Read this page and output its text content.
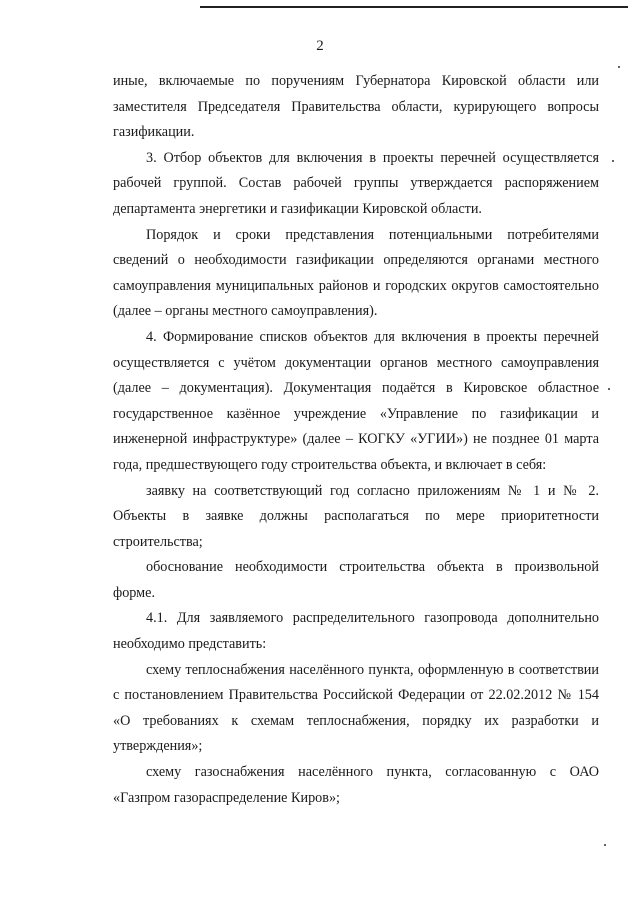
2

иные, включаемые по поручениям Губернатора Кировской области или заместителя Председателя Правительства области, курирующего вопросы газификации.

3. Отбор объектов для включения в проекты перечней осуществляется рабочей группой. Состав рабочей группы утверждается распоряжением департамента энергетики и газификации Кировской области.

Порядок и сроки представления потенциальными потребителями сведений о необходимости газификации определяются органами местного самоуправления муниципальных районов и городских округов самостоятельно (далее – органы местного самоуправления).

4. Формирование списков объектов для включения в проекты перечней осуществляется с учётом документации органов местного самоуправления (далее – документация). Документация подаётся в Кировское областное государственное казённое учреждение «Управление по газификации и инженерной инфраструктуре» (далее – КОГКУ «УГИИ») не позднее 01 марта года, предшествующего году строительства объекта, и включает в себя:

заявку на соответствующий год согласно приложениям № 1 и № 2. Объекты в заявке должны располагаться по мере приоритетности строительства;

обоснование необходимости строительства объекта в произвольной форме.

4.1. Для заявляемого распределительного газопровода дополнительно необходимо представить:

схему теплоснабжения населённого пункта, оформленную в соответствии с постановлением Правительства Российской Федерации от 22.02.2012 № 154 «О требованиях к схемам теплоснабжения, порядку их разработки и утверждения»;

схему газоснабжения населённого пункта, согласованную с ОАО «Газпром газораспределение Киров»;
